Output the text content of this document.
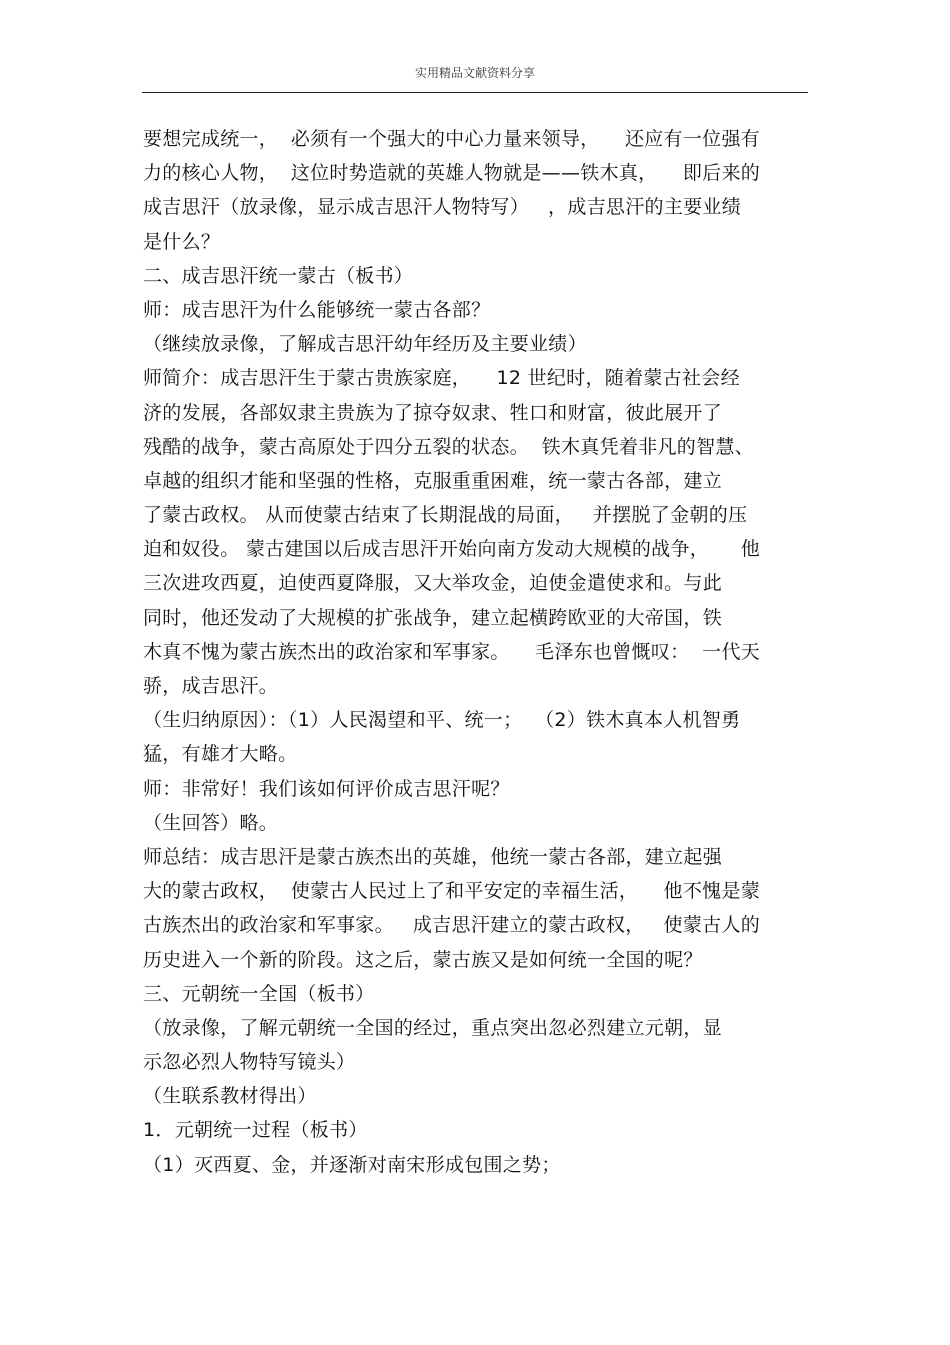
实用精品文献资料分享
要想完成统一，  必须有一个强大的中心力量来领导，    还应有一位强有
力的核心人物，  这位时势造就的英雄人物就是——铁木真，    即后来的
成吉思汗（放录像，显示成吉思汗人物特写）   ，成吉思汗的主要业绩
是什么？
二、成吉思汗统一蒙古（板书）
师：成吉思汗为什么能够统一蒙古各部？
（继续放录像，了解成吉思汗幼年经历及主要业绩）
师简介：成吉思汗生于蒙古贵族家庭，    12 世纪时，随着蒙古社会经
济的发展，各部奴隶主贵族为了掠夺奴隶、牲口和财富，彼此展开了
残酷的战争，蒙古高原处于四分五裂的状态。  铁木真凭着非凡的智慧、
卓越的组织才能和坚强的性格，克服重重困难，统一蒙古各部，建立
了蒙古政权。 从而使蒙古结束了长期混战的局面，   并摆脱了金朝的压
迫和奴役。 蒙古建国以后成吉思汗开始向南方发动大规模的战争，     他
三次进攻西夏，迫使西夏降服，又大举攻金，迫使金遣使求和。与此
同时，他还发动了大规模的扩张战争，建立起横跨欧亚的大帝国，铁
木真不愧为蒙古族杰出的政治家和军事家。    毛泽东也曾慨叹：  一代天
骄，成吉思汗。
（生归纳原因）：（1）人民渴望和平、统一；  （2）铁木真本人机智勇
猛，有雄才大略。
师：非常好！我们该如何评价成吉思汗呢？
（生回答）略。
师总结：成吉思汗是蒙古族杰出的英雄，他统一蒙古各部，建立起强
大的蒙古政权，  使蒙古人民过上了和平安定的幸福生活，    他不愧是蒙
古族杰出的政治家和军事家。   成吉思汗建立的蒙古政权，   使蒙古人的
历史进入一个新的阶段。这之后，蒙古族又是如何统一全国的呢？
三、元朝统一全国（板书）
（放录像，了解元朝统一全国的经过，重点突出忽必烈建立元朝，显
示忽必烈人物特写镜头）
（生联系教材得出）
1．元朝统一过程（板书）
（1）灭西夏、金，并逐渐对南宋形成包围之势；
